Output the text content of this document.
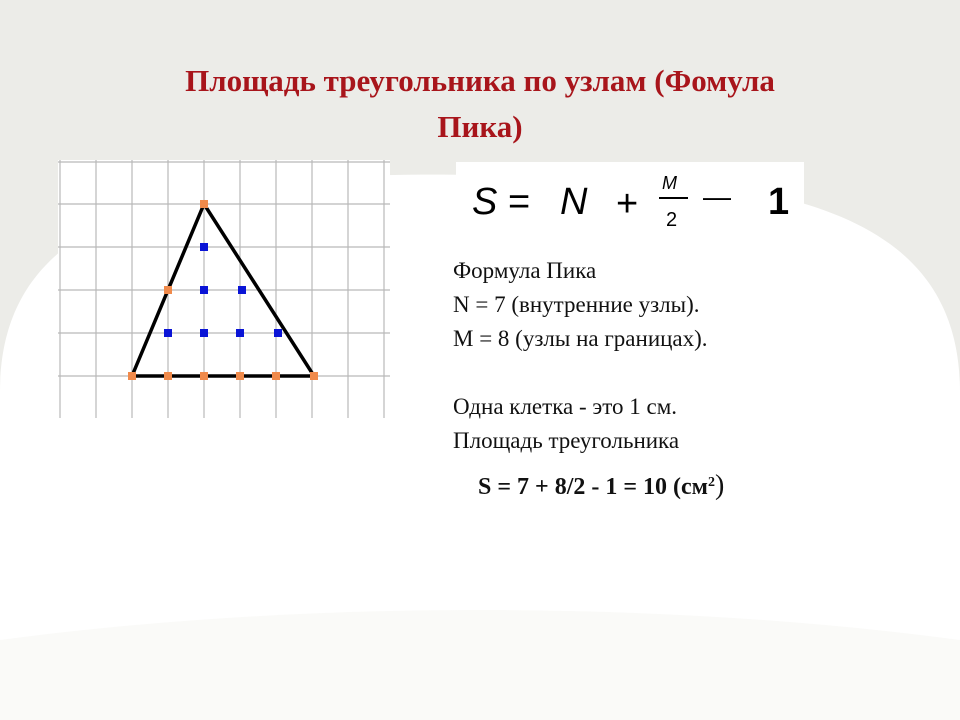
Площадь треугольника по узлам (Фомула
Пика)
S = N + M
2
— 1
Формула Пика
N = 7 (внутренние узлы).
М = 8 (узлы на границах).
Одна клетка - это 1 см.
Площадь треугольника
S = 7 + 8/2 - 1 = 10 $(см^2)$
